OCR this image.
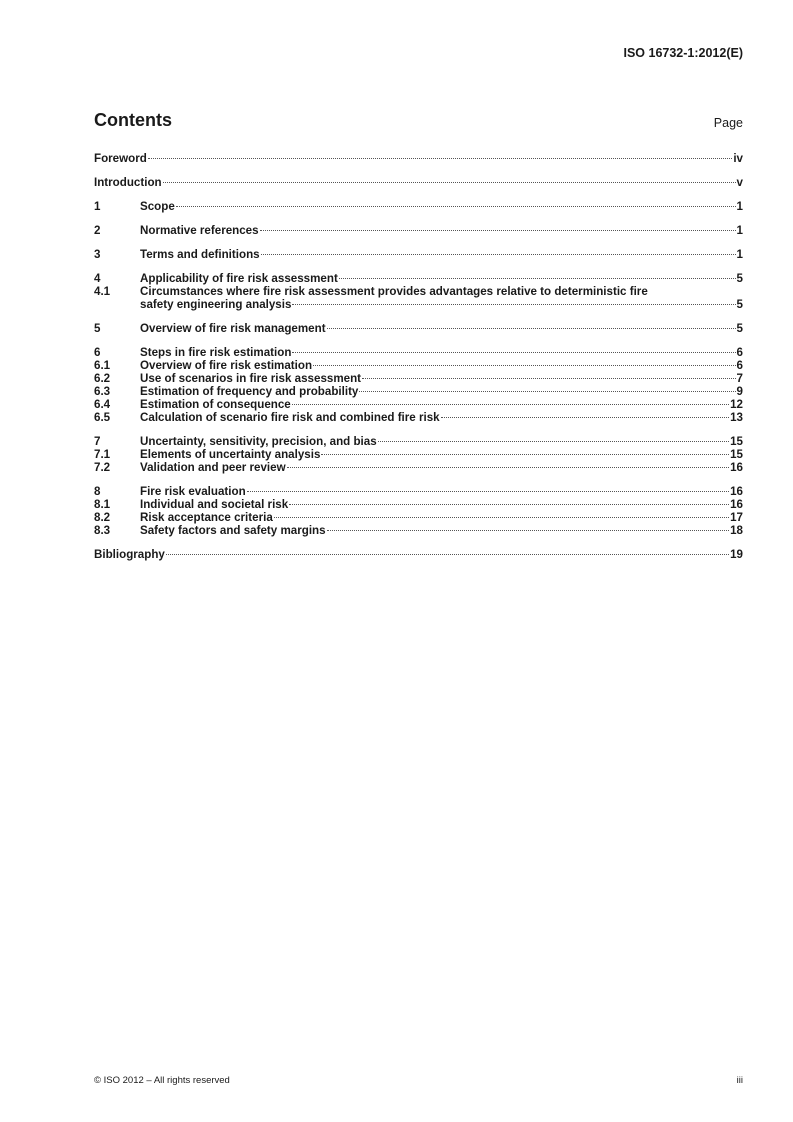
ISO 16732-1:2012(E)
Contents	Page
Foreword	iv
Introduction	v
1	Scope	1
2	Normative references	1
3	Terms and definitions	1
4	Applicability of fire risk assessment	5
4.1	Circumstances where fire risk assessment provides advantages relative to deterministic fire
safety engineering analysis	5
5	Overview of fire risk management	5
6	Steps in fire risk estimation	6
6.1	Overview of fire risk estimation	6
6.2	Use of scenarios in fire risk assessment	7
6.3	Estimation of frequency and probability	9
6.4	Estimation of consequence	12
6.5	Calculation of scenario fire risk and combined fire risk	13
7	Uncertainty, sensitivity, precision, and bias	15
7.1	Elements of uncertainty analysis	15
7.2	Validation and peer review	16
8	Fire risk evaluation	16
8.1	Individual and societal risk	16
8.2	Risk acceptance criteria	17
8.3	Safety factors and safety margins	18
Bibliography	19
© ISO 2012 – All rights reserved	iii
